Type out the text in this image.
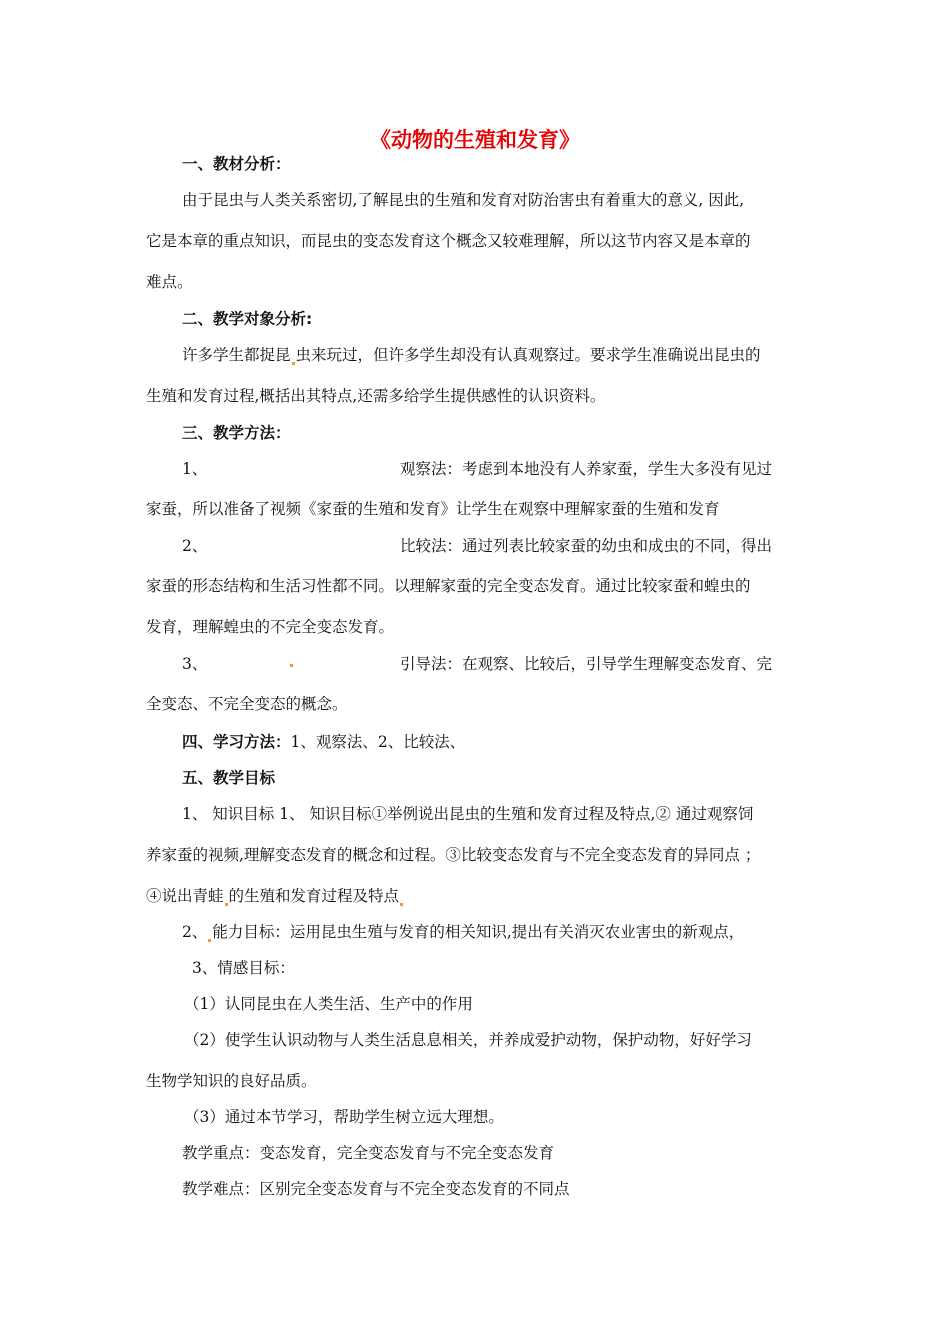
《动物的生殖和发育》
一、教材分析：
由于昆虫与人类关系密切,了解昆虫的生殖和发育对防治害虫有着重大的意义, 因此,
它是本章的重点知识，而昆虫的变态发育这个概念又较难理解，所以这节内容又是本章的
难点。
二、教学对象分析:
许多学生都捉昆 虫来玩过，但许多学生却没有认真观察过。要求学生准确说出昆虫的
生殖和发育过程,概括出其特点,还需多给学生提供感性的认识资料。
三、教学方法：
1、	观察法：考虑到本地没有人养家蚕，学生大多没有见过
家蚕，所以准备了视频《家蚕的生殖和发育》让学生在观察中理解家蚕的生殖和发育
2、	比较法：通过列表比较家蚕的幼虫和成虫的不同，得出
家蚕的形态结构和生活习性都不同。以理解家蚕的完全变态发育。通过比较家蚕和蝗虫的
发育，理解蝗虫的不完全变态发育。
3、	引导法：在观察、比较后，引导学生理解变态发育、完
全变态、不完全变态的概念。
四、学习方法：1、观察法、2、比较法、
五、教学目标
1、 知识目标 1、 知识目标①举例说出昆虫的生殖和发育过程及特点,② 通过观察饲
养家蚕的视频,理解变态发育的概念和过程。③比较变态发育与不完全变态发育的异同点 ；
④说出青蛙 的生殖和发育过程及特点
2、 能力目标：运用昆虫生殖与发育的相关知识,提出有关消灭农业害虫的新观点，
3、情感目标：
（1）认同昆虫在人类生活、生产中的作用
（2）使学生认识动物与人类生活息息相关，并养成爱护动物，保护动物，好好学习
生物学知识的良好品质。
（3）通过本节学习，帮助学生树立远大理想。
教学重点：变态发育，完全变态发育与不完全变态发育
教学难点：区别完全变态发育与不完全变态发育的不同点
